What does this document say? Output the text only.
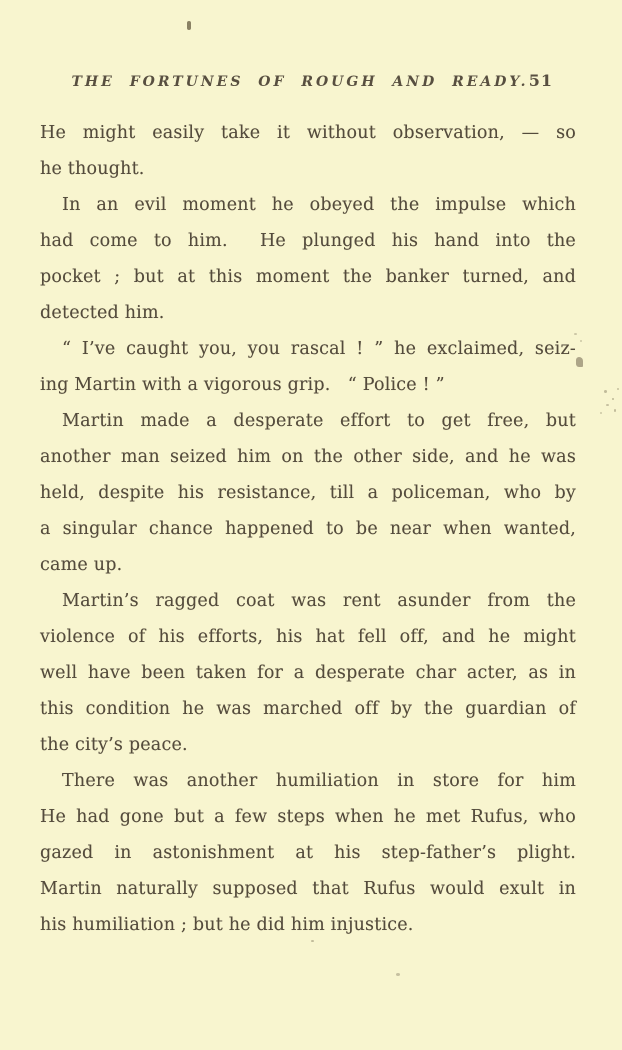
THE FORTUNES OF ROUGH AND READY. 51
He might easily take it without observation, — so
he thought.
In an evil moment he obeyed the impulse which
had come to him.  He plunged his hand into the
pocket ; but at this moment the banker turned, and
detected him.
“ I’ve caught you, you rascal ! ” he exclaimed, seiz-
ing Martin with a vigorous grip.   “ Police ! ”
Martin made a desperate effort to get free, but
another man seized him on the other side, and he was
held, despite his resistance, till a policeman, who by
a singular chance happened to be near when wanted,
came up.
Martin’s ragged coat was rent asunder from the
violence of his efforts, his hat fell off, and he might
well have been taken for a desperate char acter, as in
this condition he was marched off by the guardian of
the city’s peace.
There was another humiliation in store for him
He had gone but a few steps when he met Rufus, who
gazed in astonishment at his step-father’s plight.
Martin naturally supposed that Rufus would exult in
his humiliation ; but he did him injustice.
